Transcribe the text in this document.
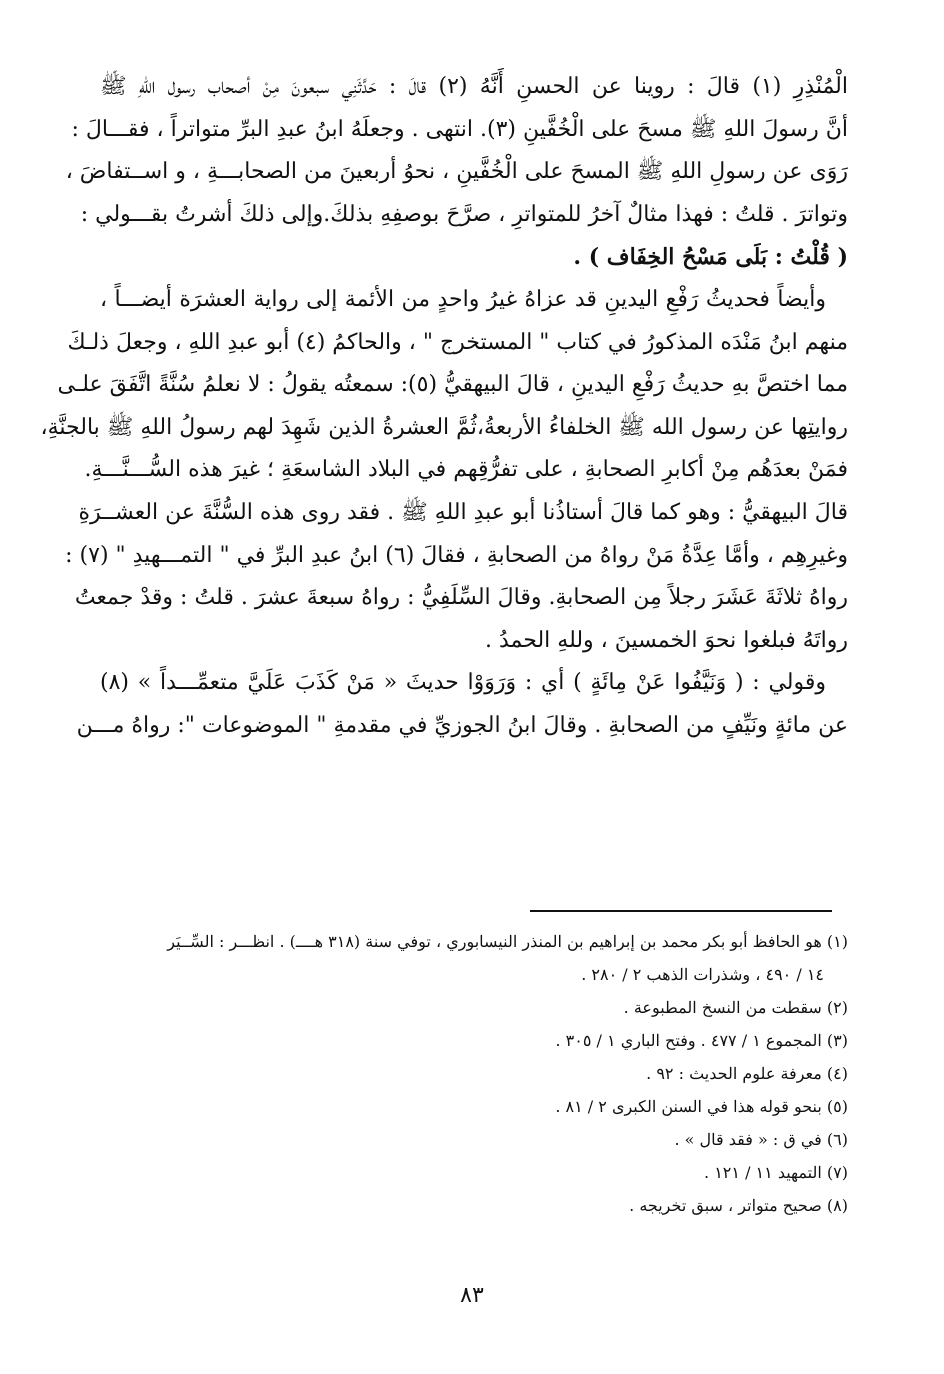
الْمُنْذِرِ (١) قالَ : روينا عن الحسنِ أَنَّهُ (٢) قالَ : حَدَّثَنِي سبعونَ مِنْ أصحاب رسول اللهِ ﷺ
أنَّ رسولَ اللهِ ﷺ مسحَ على الْخُفَّينِ (٣). انتهى . وجعلَهُ ابنُ عبدِ البرِّ متواتراً ، فقـــالَ :
رَوَى عن رسولِ اللهِ ﷺ المسحَ على الْخُفَّينِ ، نحوُ أربعينَ من الصحابـــةِ ، و اســتفاضَ ،
وتواترَ . قلتُ : فهذا مثالٌ آخرُ للمتواترِ ، صرَّحَ بوصفِهِ بذلكَ.وإلى ذلكَ أشرتُ بقـــولي :
( قُلْتُ : بَلَى مَسْحُ الخِفَاف ) .
وأيضاً فحديثُ رَفْعِ اليدينِ قد عزاهُ غيرُ واحدٍ من الأئمة إلى رواية العشرَة أيضـــاً ،
منهم ابنُ مَنْدَه المذكورُ في كتاب " المستخرج " ، والحاكمُ (٤) أبو عبدِ اللهِ ، وجعلَ ذلـكَ
مما اختصَّ بهِ حديثُ رَفْعِ اليدينِ ، قالَ البيهقيُّ (٥): سمعتُه يقولُ : لا نعلمُ سُنَّةً اتَّفَقَ علـى
روايتِها عن رسول الله ﷺ الخلفاءُ الأربعةُ،ثُمَّ العشرةُ الذين شَهِدَ لهم رسولُ اللهِ ﷺ بالجنَّةِ،
فمَنْ بعدَهُم مِنْ أكابرِ الصحابةِ ، على تفرُّقِهم في البلاد الشاسعَةِ ؛ غيرَ هذه السُّـــنَّـــةِ.
قالَ البيهقيُّ : وهو كما قالَ أستاذُنا أبو عبدِ اللهِ ﷺ . فقد روى هذه السُّنَّةَ عن العشــرَةِ
وغيرِهِم ، وأمَّا عِدَّةُ مَنْ رواهُ من الصحابةِ ، فقالَ (٦) ابنُ عبدِ البرِّ في " التمـــهيدِ " (٧) :
رواهُ ثلاثَةَ عَشَرَ رجلاً مِن الصحابةِ. وقالَ السِّلَفِيُّ : رواهُ سبعةَ عشرَ . قلتُ : وقدْ جمعتُ
رواتَهُ فبلغوا نحوَ الخمسينَ ، وللهِ الحمدُ .
وقولي : ( وَنَيَّفُوا عَنْ مِائَةٍ ) أي : وَرَوَوْا حديثَ « مَنْ كَذَبَ عَلَيَّ متعمِّـــداً » (٨)
عن مائةٍ ونَيِّفٍ من الصحابةِ . وقالَ ابنُ الجوزيِّ في مقدمةِ " الموضوعات ": رواهُ مـــن
(١) هو الحافظ أبو بكر محمد بن إبراهيم بن المنذر النيسابوري ، توفي سنة (٣١٨ هــــ) . انظـــر : السِّــيَر
١٤ / ٤٩٠ ، وشذرات الذهب ٢ / ٢٨٠ .
(٢) سقطت من النسخ المطبوعة .
(٣) المجموع ١ / ٤٧٧ . وفتح الباري ١ / ٣٠٥ .
(٤) معرفة علوم الحديث : ٩٢ .
(٥) بنحو قوله هذا في السنن الكبرى ٢ / ٨١ .
(٦) في ق : « فقد قال » .
(٧) التمهيد ١١ / ١٢١ .
(٨) صحيح متواتر ، سبق تخريجه .
٨٣
